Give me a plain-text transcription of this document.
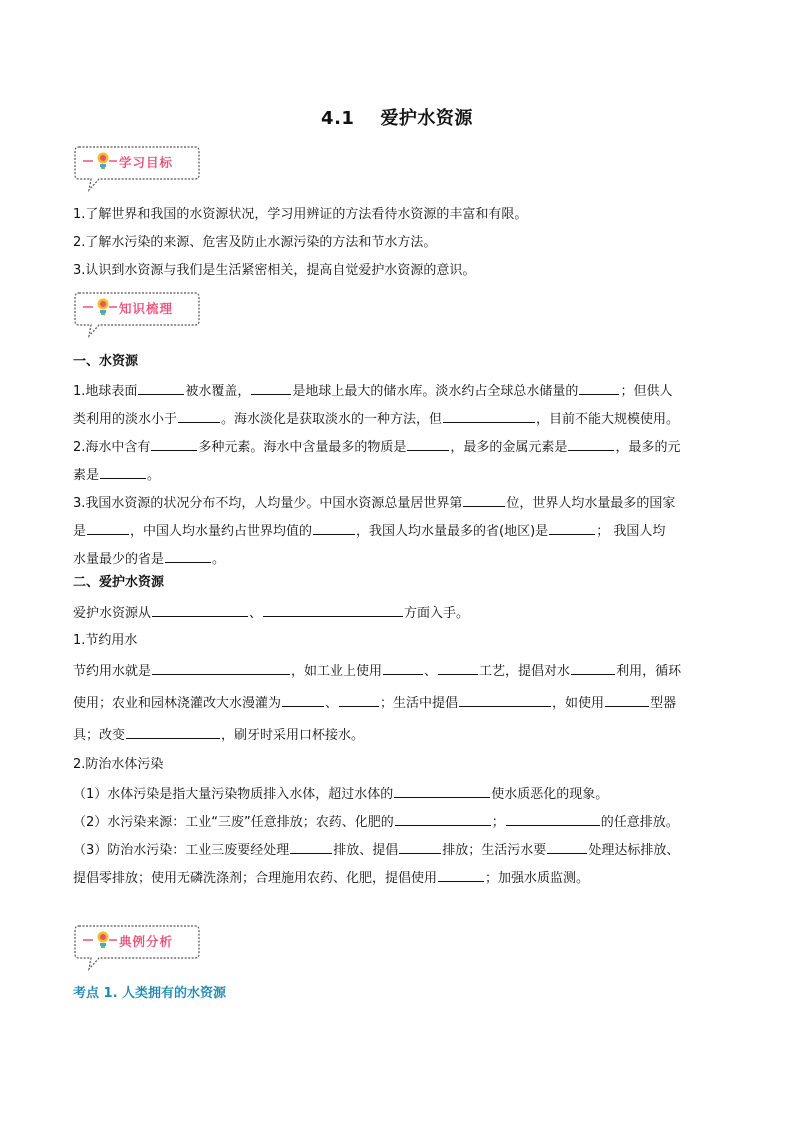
4.1 爱护水资源
学习目标
1.了解世界和我国的水资源状况，学习用辨证的方法看待水资源的丰富和有限。
2.了解水污染的来源、危害及防止水源污染的方法和节水方法。
3.认识到水资源与我们是生活紧密相关，提高自觉爱护水资源的意识。
知识梳理
一、水资源
1.地球表面	被水覆盖，	是地球上最大的储水库。淡水约占全球总水储量的	；但供人
类利用的淡水小于	。海水淡化是获取淡水的一种方法，但	，目前不能大规模使用。
2.海水中含有	多种元素。海水中含量最多的物质是	，最多的金属元素是	，最多的元
素是	。
3.我国水资源的状况分布不均，人均量少。中国水资源总量居世界第	位，世界人均水量最多的国家
是	，中国人均水量约占世界均值的	，我国人均水量最多的省(地区)是	； 我国人均
水量最少的省是	。
二、爱护水资源
爱护水资源从	、	方面入手。
1.节约用水
节约用水就是	，如工业上使用	、	工艺，提倡对水	利用，循环
使用；农业和园林浇灌改大水漫灌为	、	；生活中提倡	，如使用	型器
具；改变	，刷牙时采用口杯接水。
2.防治水体污染
（1）水体污染是指大量污染物质排入水体，超过水体的	使水质恶化的现象。
（2）水污染来源：工业“三废”任意排放；农药、化肥的	；	的任意排放。
（3）防治水污染：工业三废要经处理	排放、提倡	排放；生活污水要	处理达标排放、
提倡零排放；使用无磷洗涤剂；合理施用农药、化肥，提倡使用	；加强水质监测。
典例分析
考点 1. 人类拥有的水资源
